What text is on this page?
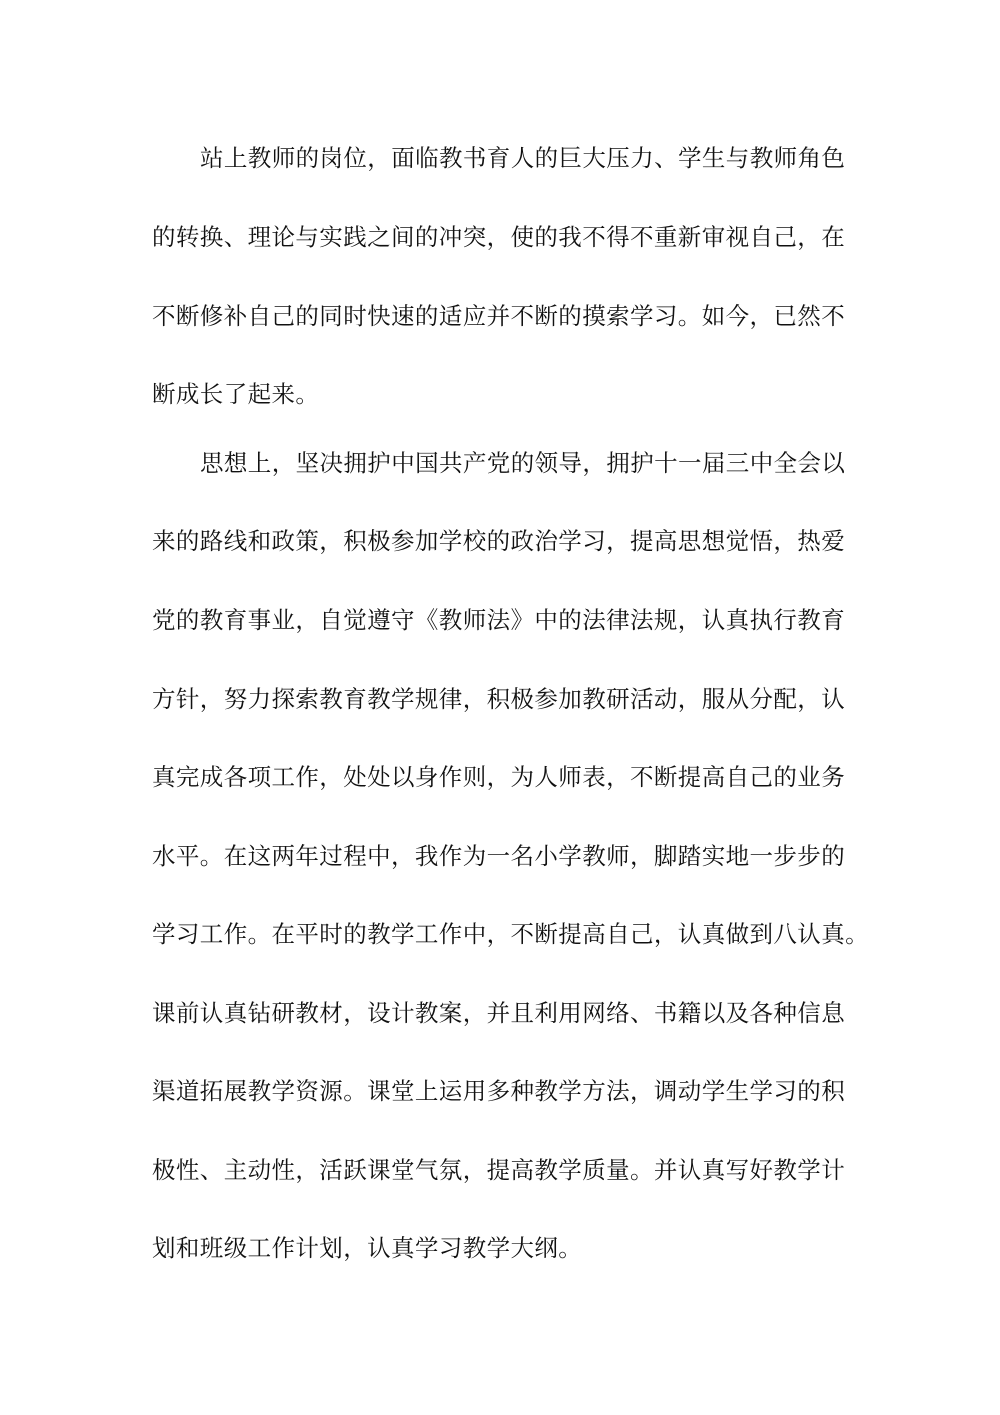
站上教师的岗位，面临教书育人的巨大压力、学生与教师角色
的转换、理论与实践之间的冲突，使的我不得不重新审视自己，在
不断修补自己的同时快速的适应并不断的摸索学习。如今，已然不
断成长了起来。
思想上，坚决拥护中国共产党的领导，拥护十一届三中全会以
来的路线和政策，积极参加学校的政治学习，提高思想觉悟，热爱
党的教育事业，自觉遵守《教师法》中的法律法规，认真执行教育
方针，努力探索教育教学规律，积极参加教研活动，服从分配，认
真完成各项工作，处处以身作则，为人师表，不断提高自己的业务
水平。在这两年过程中，我作为一名小学教师，脚踏实地一步步的
学习工作。在平时的教学工作中，不断提高自己，认真做到八认真。
课前认真钻研教材，设计教案，并且利用网络、书籍以及各种信息
渠道拓展教学资源。课堂上运用多种教学方法，调动学生学习的积
极性、主动性，活跃课堂气氛，提高教学质量。并认真写好教学计
划和班级工作计划，认真学习教学大纲。
